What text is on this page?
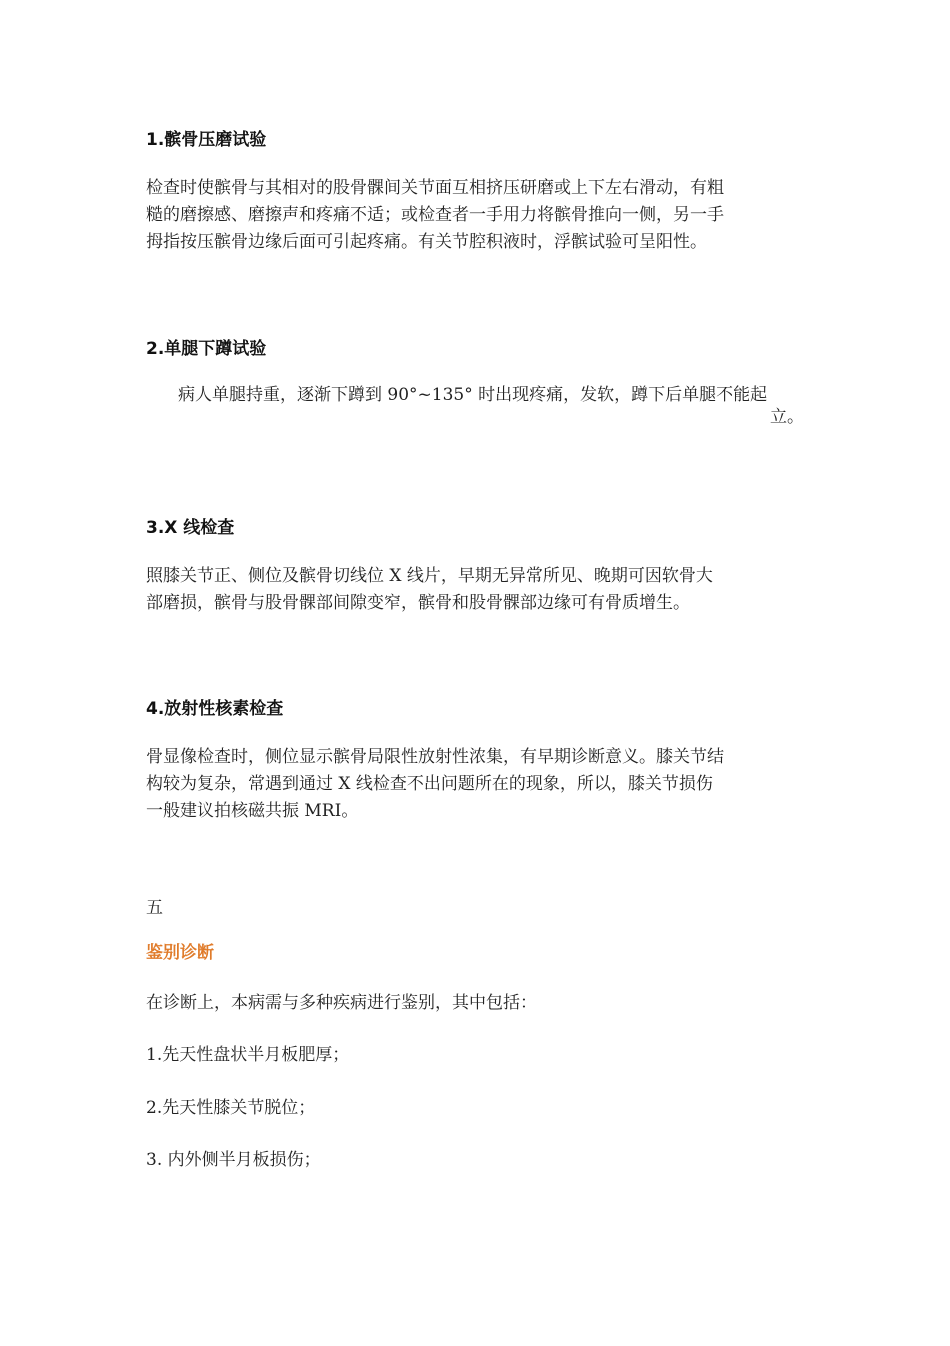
1.髌骨压磨试验

检查时使髌骨与其相对的股骨髁间关节面互相挤压研磨或上下左右滑动，有粗
糙的磨擦感、磨擦声和疼痛不适；或检查者一手用力将髌骨推向一侧，另一手
拇指按压髌骨边缘后面可引起疼痛。有关节腔积液时，浮髌试验可呈阳性。

2.单腿下蹲试验

病人单腿持重，逐渐下蹲到 90°~135° 时出现疼痛，发软，蹲下后单腿不能起
立。

3.X 线检查

照膝关节正、侧位及髌骨切线位 X 线片，早期无异常所见、晚期可因软骨大
部磨损，髌骨与股骨髁部间隙变窄，髌骨和股骨髁部边缘可有骨质增生。

4.放射性核素检查

骨显像检查时，侧位显示髌骨局限性放射性浓集，有早期诊断意义。膝关节结
构较为复杂，常遇到通过 X 线检查不出问题所在的现象，所以，膝关节损伤
一般建议拍核磁共振 MRI。

五

鉴别诊断

在诊断上，本病需与多种疾病进行鉴别，其中包括：

1.先天性盘状半月板肥厚；

2.先天性膝关节脱位；

3. 内外侧半月板损伤；
